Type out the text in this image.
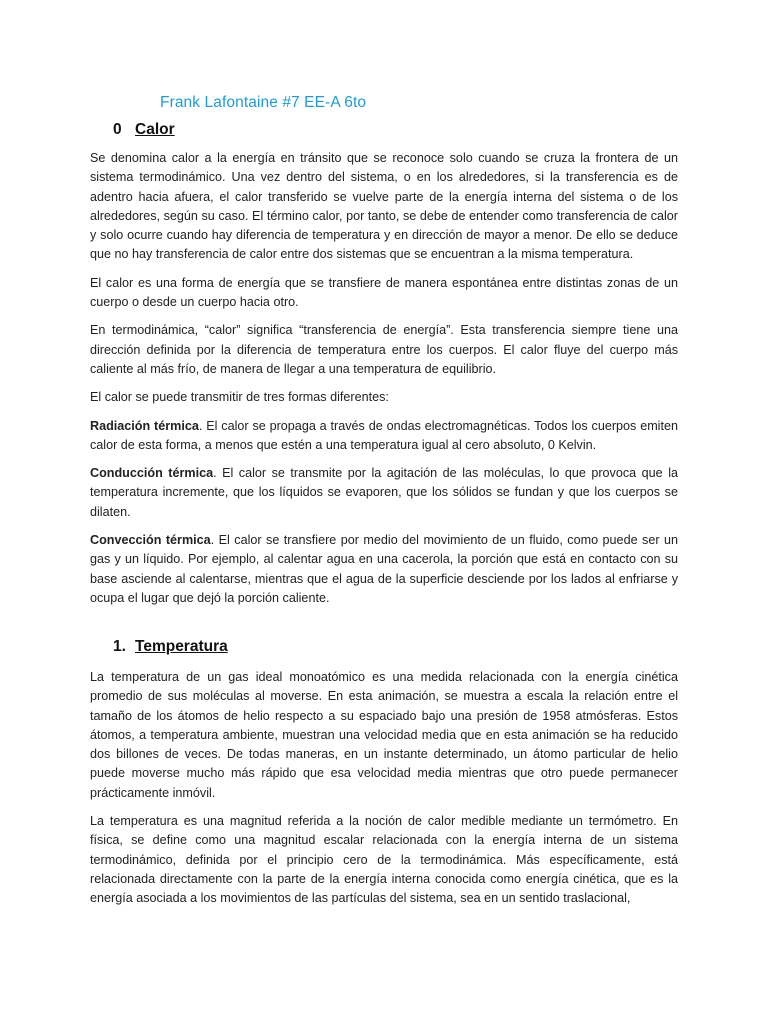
Frank Lafontaine #7 EE-A 6to
0 Calor

Se denomina calor a la energía en tránsito que se reconoce solo cuando se cruza la frontera de un sistema termodinámico. Una vez dentro del sistema, o en los alrededores, si la transferencia es de adentro hacia afuera, el calor transferido se vuelve parte de la energía interna del sistema o de los alrededores, según su caso. El término calor, por tanto, se debe de entender como transferencia de calor y solo ocurre cuando hay diferencia de temperatura y en dirección de mayor a menor. De ello se deduce que no hay transferencia de calor entre dos sistemas que se encuentran a la misma temperatura.

El calor es una forma de energía que se transfiere de manera espontánea entre distintas zonas de un cuerpo o desde un cuerpo hacia otro.

En termodinámica, “calor” significa “transferencia de energía”. Esta transferencia siempre tiene una dirección definida por la diferencia de temperatura entre los cuerpos. El calor fluye del cuerpo más caliente al más frío, de manera de llegar a una temperatura de equilibrio.

El calor se puede transmitir de tres formas diferentes:

Radiación térmica. El calor se propaga a través de ondas electromagnéticas. Todos los cuerpos emiten calor de esta forma, a menos que estén a una temperatura igual al cero absoluto, 0 Kelvin.

Conducción térmica. El calor se transmite por la agitación de las moléculas, lo que provoca que la temperatura incremente, que los líquidos se evaporen, que los sólidos se fundan y que los cuerpos se dilaten.

Convección térmica. El calor se transfiere por medio del movimiento de un fluido, como puede ser un gas y un líquido. Por ejemplo, al calentar agua en una cacerola, la porción que está en contacto con su base asciende al calentarse, mientras que el agua de la superficie desciende por los lados al enfriarse y ocupa el lugar que dejó la porción caliente.

1. Temperatura

La temperatura de un gas ideal monoatómico es una medida relacionada con la energía cinética promedio de sus moléculas al moverse. En esta animación, se muestra a escala la relación entre el tamaño de los átomos de helio respecto a su espaciado bajo una presión de 1958 atmósferas. Estos átomos, a temperatura ambiente, muestran una velocidad media que en esta animación se ha reducido dos billones de veces. De todas maneras, en un instante determinado, un átomo particular de helio puede moverse mucho más rápido que esa velocidad media mientras que otro puede permanecer prácticamente inmóvil.

La temperatura es una magnitud referida a la noción de calor medible mediante un termómetro. En física, se define como una magnitud escalar relacionada con la energía interna de un sistema termodinámico, definida por el principio cero de la termodinámica. Más específicamente, está relacionada directamente con la parte de la energía interna conocida como energía cinética, que es la energía asociada a los movimientos de las partículas del sistema, sea en un sentido traslacional,
